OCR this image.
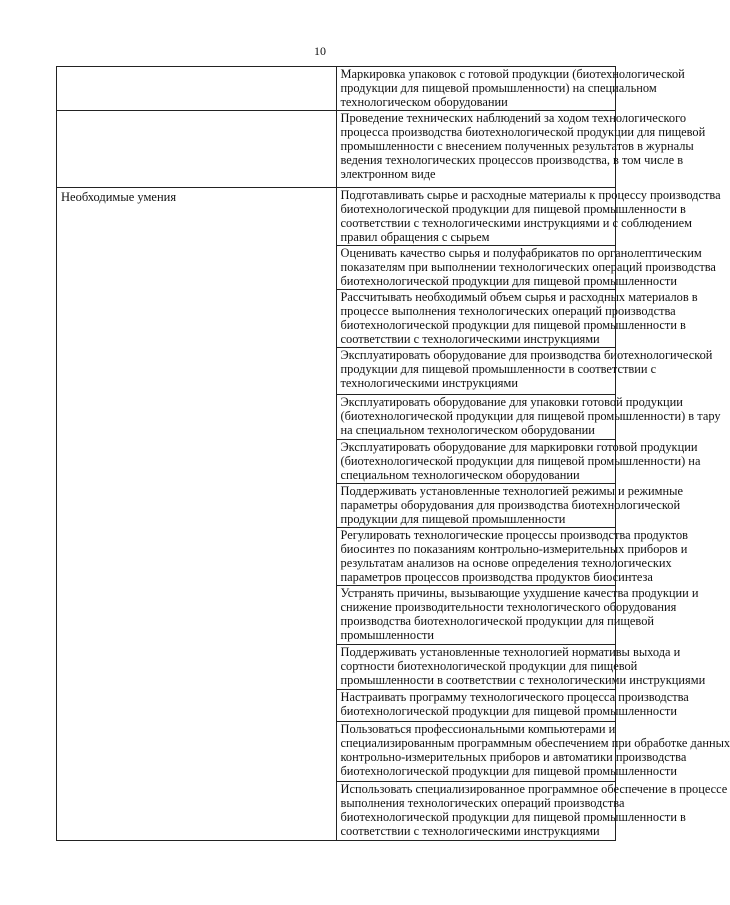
10

	Маркировка упаковок с готовой продукции (биотехнологической
продукции для пищевой промышленности) на специальном
технологическом оборудовании

	Проведение технических наблюдений за ходом технологического
процесса производства биотехнологической продукции для пищевой
промышленности с внесением полученных результатов в журналы
ведения технологических процессов производства, в том числе в
электронном виде

Необходимые умения	Подготавливать сырье и расходные материалы к процессу производства
биотехнологической продукции для пищевой промышленности в
соответствии с технологическими инструкциями и с соблюдением
правил обращения с сырьем

	Оценивать качество сырья и полуфабрикатов по органолептическим
показателям при выполнении технологических операций производства
биотехнологической продукции для пищевой промышленности

	Рассчитывать необходимый объем сырья и расходных материалов в
процессе выполнения технологических операций производства
биотехнологической продукции для пищевой промышленности в
соответствии с технологическими инструкциями

	Эксплуатировать оборудование для производства биотехнологической
продукции для пищевой промышленности в соответствии с
технологическими инструкциями

	Эксплуатировать оборудование для упаковки готовой продукции
(биотехнологической продукции для пищевой промышленности) в тару
на специальном технологическом оборудовании

	Эксплуатировать оборудование для маркировки готовой продукции
(биотехнологической продукции для пищевой промышленности) на
специальном технологическом оборудовании

	Поддерживать установленные технологией режимы и режимные
параметры оборудования для производства биотехнологической
продукции для пищевой промышленности

	Регулировать технологические процессы производства продуктов
биосинтез по показаниям контрольно-измерительных приборов и
результатам анализов на основе определения технологических
параметров процессов производства продуктов биосинтеза

	Устранять причины, вызывающие ухудшение качества продукции и
снижение производительности технологического оборудования
производства биотехнологической продукции для пищевой
промышленности

	Поддерживать установленные технологией нормативы выхода и
сортности биотехнологической продукции для пищевой
промышленности в соответствии с технологическими инструкциями

	Настраивать программу технологического процесса производства
биотехнологической продукции для пищевой промышленности

	Пользоваться профессиональными компьютерами и
специализированным программным обеспечением при обработке данных
контрольно-измерительных приборов и автоматики производства
биотехнологической продукции для пищевой промышленности

	Использовать специализированное программное обеспечение в процессе
выполнения технологических операций производства
биотехнологической продукции для пищевой промышленности в
соответствии с технологическими инструкциями
